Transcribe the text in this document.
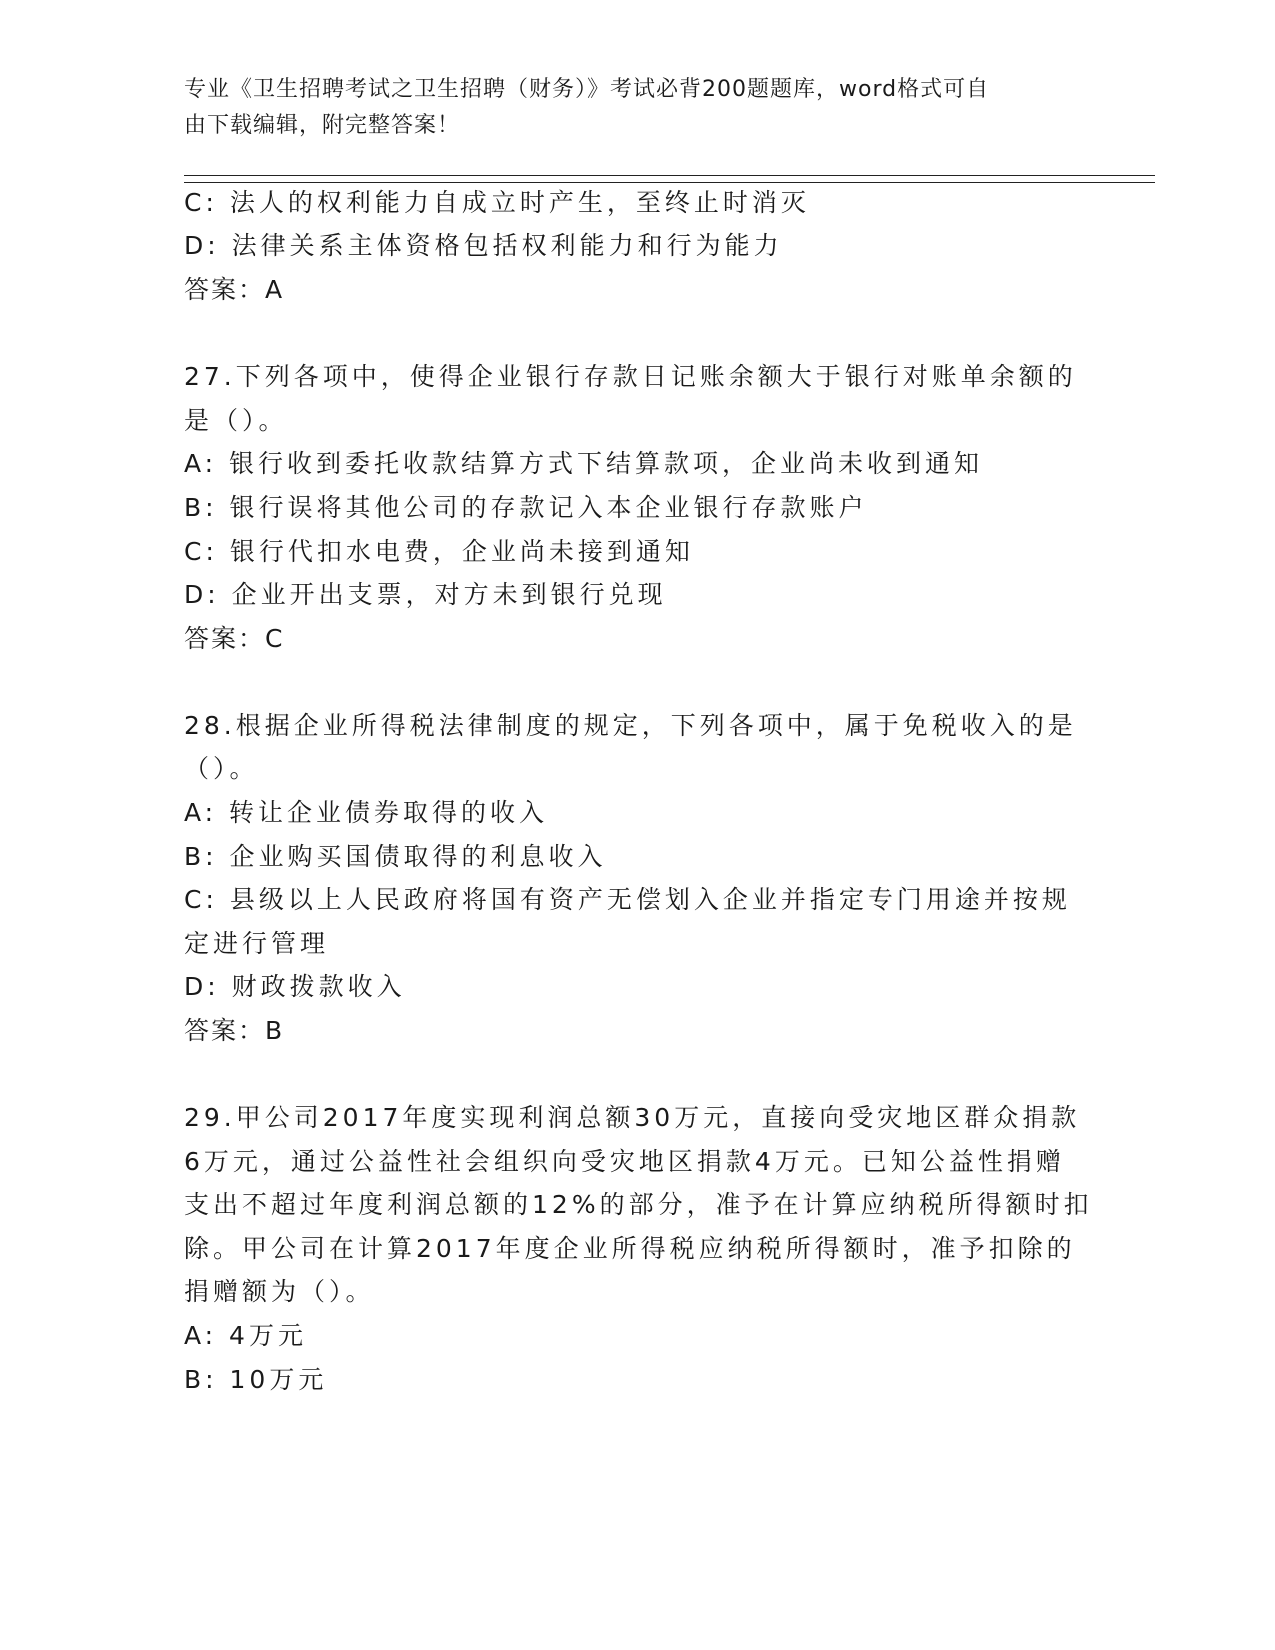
专业《卫生招聘考试之卫生招聘（财务）》考试必背200题题库，word格式可自
由下载编辑，附完整答案！
C: 法人的权利能力自成立时产生，至终止时消灭
D: 法律关系主体资格包括权利能力和行为能力
答案：A
27.下列各项中，使得企业银行存款日记账余额大于银行对账单余额的
是（）。
A: 银行收到委托收款结算方式下结算款项，企业尚未收到通知
B: 银行误将其他公司的存款记入本企业银行存款账户
C: 银行代扣水电费，企业尚未接到通知
D: 企业开出支票，对方未到银行兑现
答案：C
28.根据企业所得税法律制度的规定，下列各项中，属于免税收入的是
（）。
A: 转让企业债券取得的收入
B: 企业购买国债取得的利息收入
C: 县级以上人民政府将国有资产无偿划入企业并指定专门用途并按规
定进行管理
D: 财政拨款收入
答案：B
29.甲公司2017年度实现利润总额30万元，直接向受灾地区群众捐款
6万元，通过公益性社会组织向受灾地区捐款4万元。已知公益性捐赠
支出不超过年度利润总额的12%的部分，准予在计算应纳税所得额时扣
除。甲公司在计算2017年度企业所得税应纳税所得额时，准予扣除的
捐赠额为（）。
A: 4万元
B: 10万元
